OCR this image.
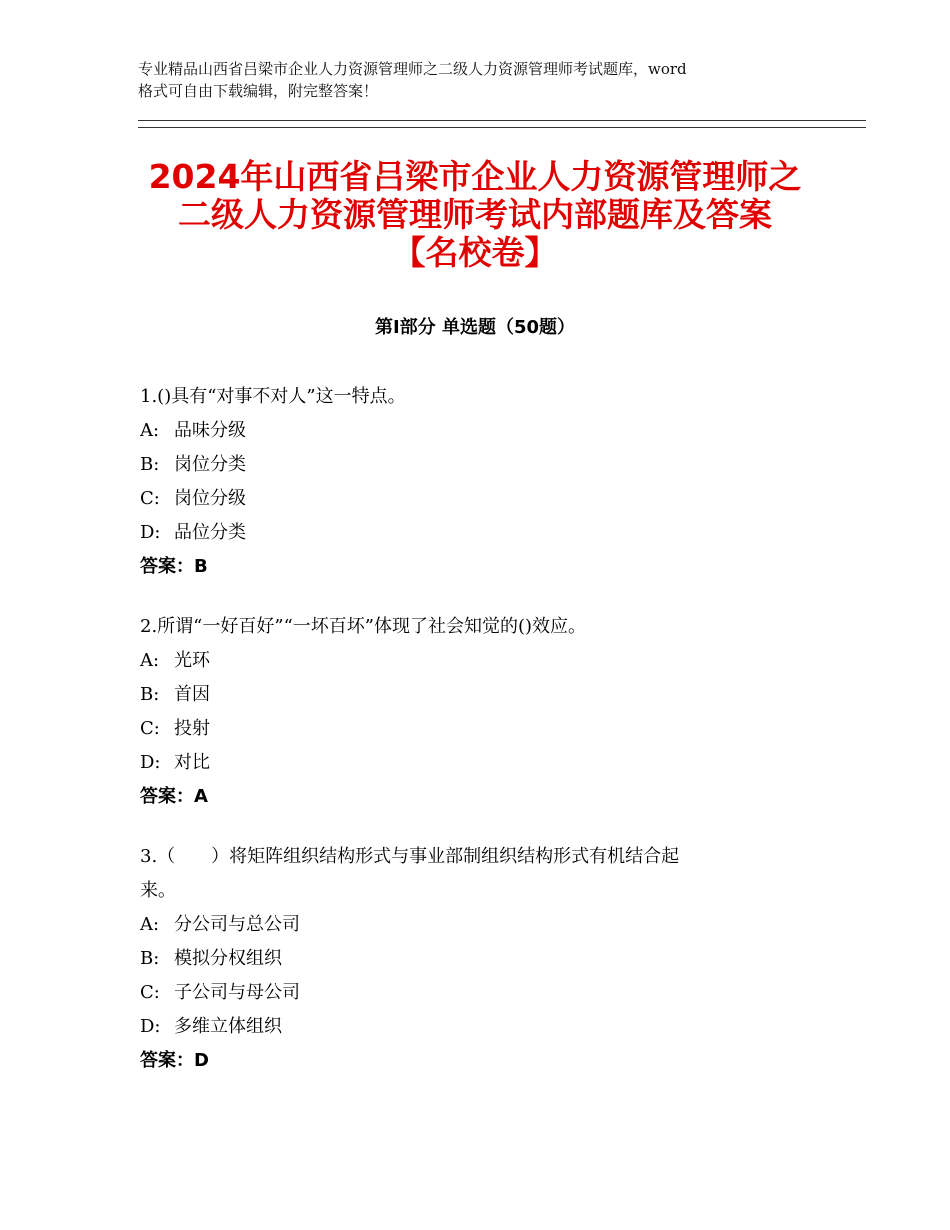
专业精品山西省吕梁市企业人力资源管理师之二级人力资源管理师考试题库，word
格式可自由下载编辑，附完整答案！
2024年山西省吕梁市企业人力资源管理师之
二级人力资源管理师考试内部题库及答案
【名校卷】
第Ⅰ部分 单选题（50题）

1.()具有“对事不对人”这一特点。

A: 品味分级

B: 岗位分类

C: 岗位分级

D: 品位分类

答案：B

2.所谓“一好百好”“一坏百坏”体现了社会知觉的()效应。

A: 光环

B: 首因

C: 投射

D: 对比

答案：A

3.（　　）将矩阵组织结构形式与事业部制组织结构形式有机结合起

来。

A: 分公司与总公司

B: 模拟分权组织

C: 子公司与母公司

D: 多维立体组织

答案：D
